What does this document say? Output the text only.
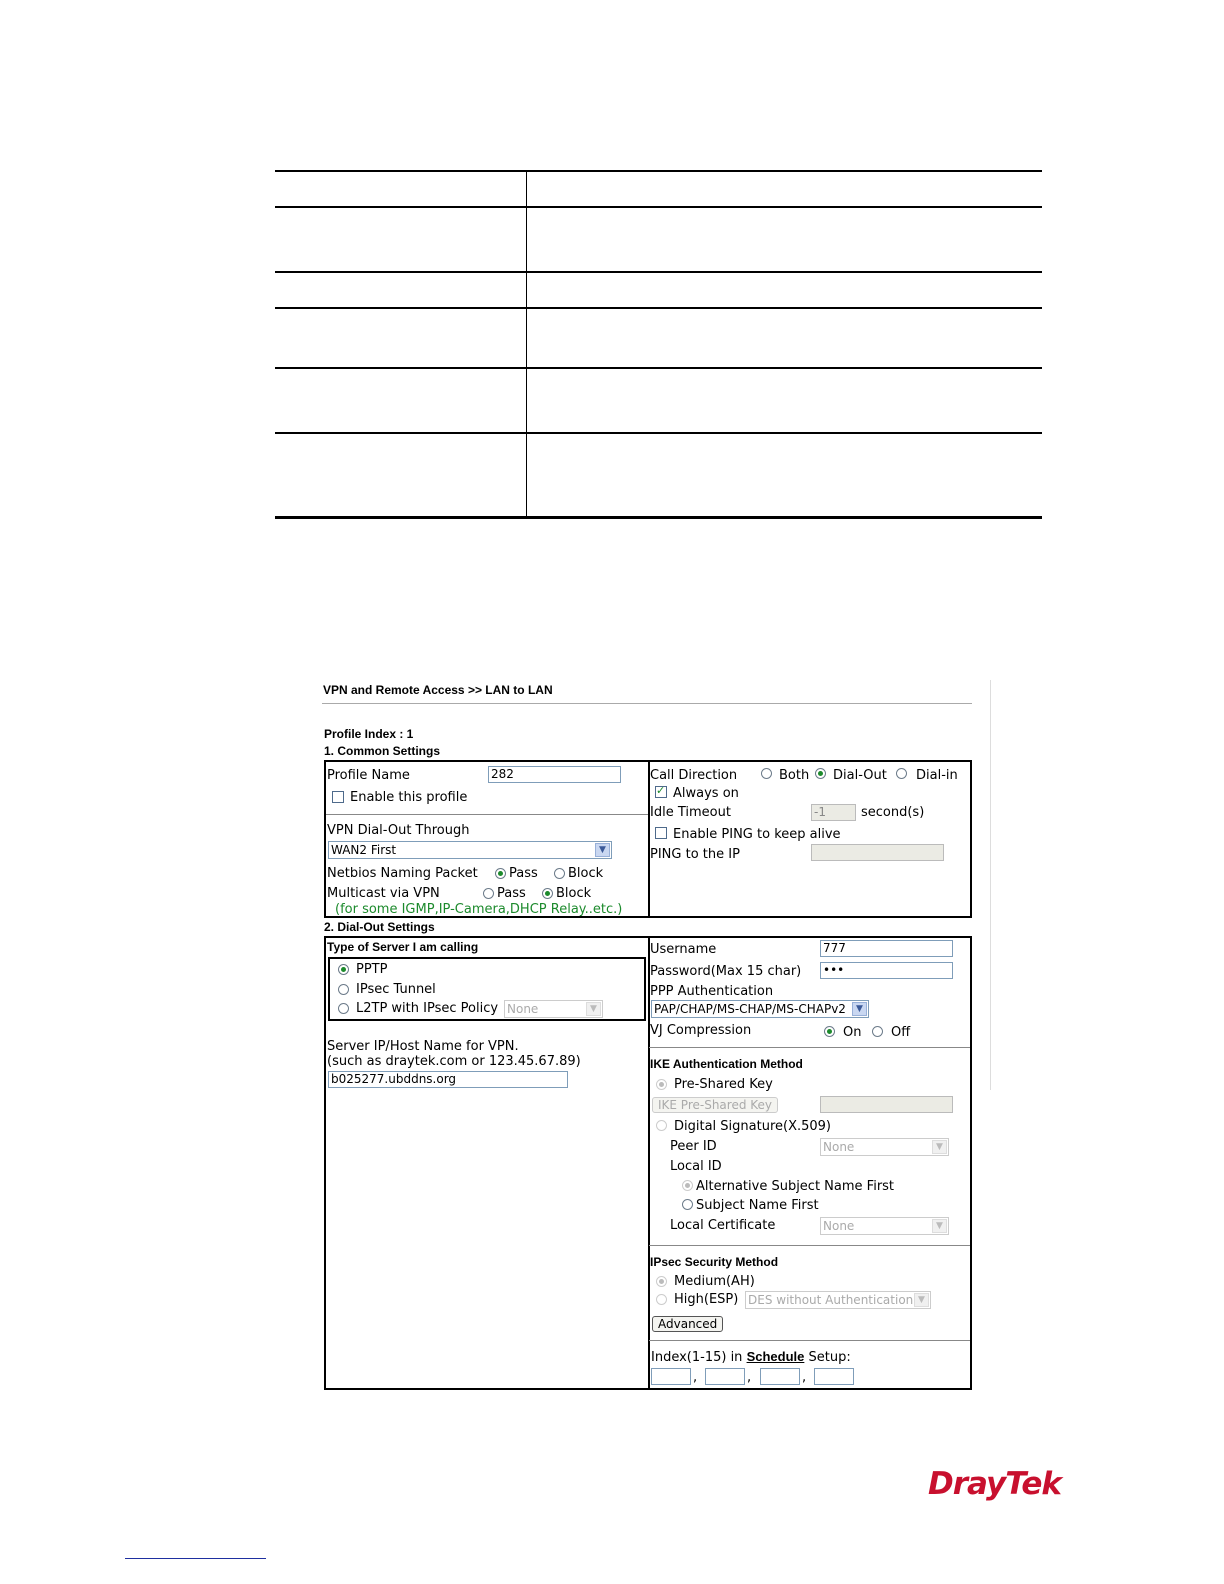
VPN and Remote Access >> LAN to LAN
Profile Index : 1
1. Common Settings
Profile Name	282
Enable this profile
VPN Dial-Out Through
WAN2 First	▼
Netbios Naming Packet Pass Block
Multicast via VPN	Pass Block
(for some IGMP,IP-Camera,DHCP Relay..etc.)
Call Direction	Both Dial-Out Dial-in
✓
Always on
Idle Timeout	-1	second(s)
Enable PING to keep alive
PING to the IP
2. Dial-Out Settings
Type of Server I am calling
PPTP
IPsec Tunnel
L2TP with IPsec Policy None	▼
Server IP/Host Name for VPN.
(such as draytek.com or 123.45.67.89)
b025277.ubddns.org
Username	777
Password(Max 15 char) •••
PPP Authentication
PAP/CHAP/MS-CHAP/MS-CHAPv2	▼
VJ Compression	On Off
IKE Authentication Method
Pre-Shared Key
IKE Pre-Shared Key
Digital Signature(X.509)
Peer ID	None	▼
Local ID
Alternative Subject Name First
Subject Name First
Local Certificate	None	▼
IPsec Security Method
Medium(AH)
High(ESP) DES without Authentication ▼
Advanced
Index(1-15) in Schedule Setup:
,	,	,
DrayTek
